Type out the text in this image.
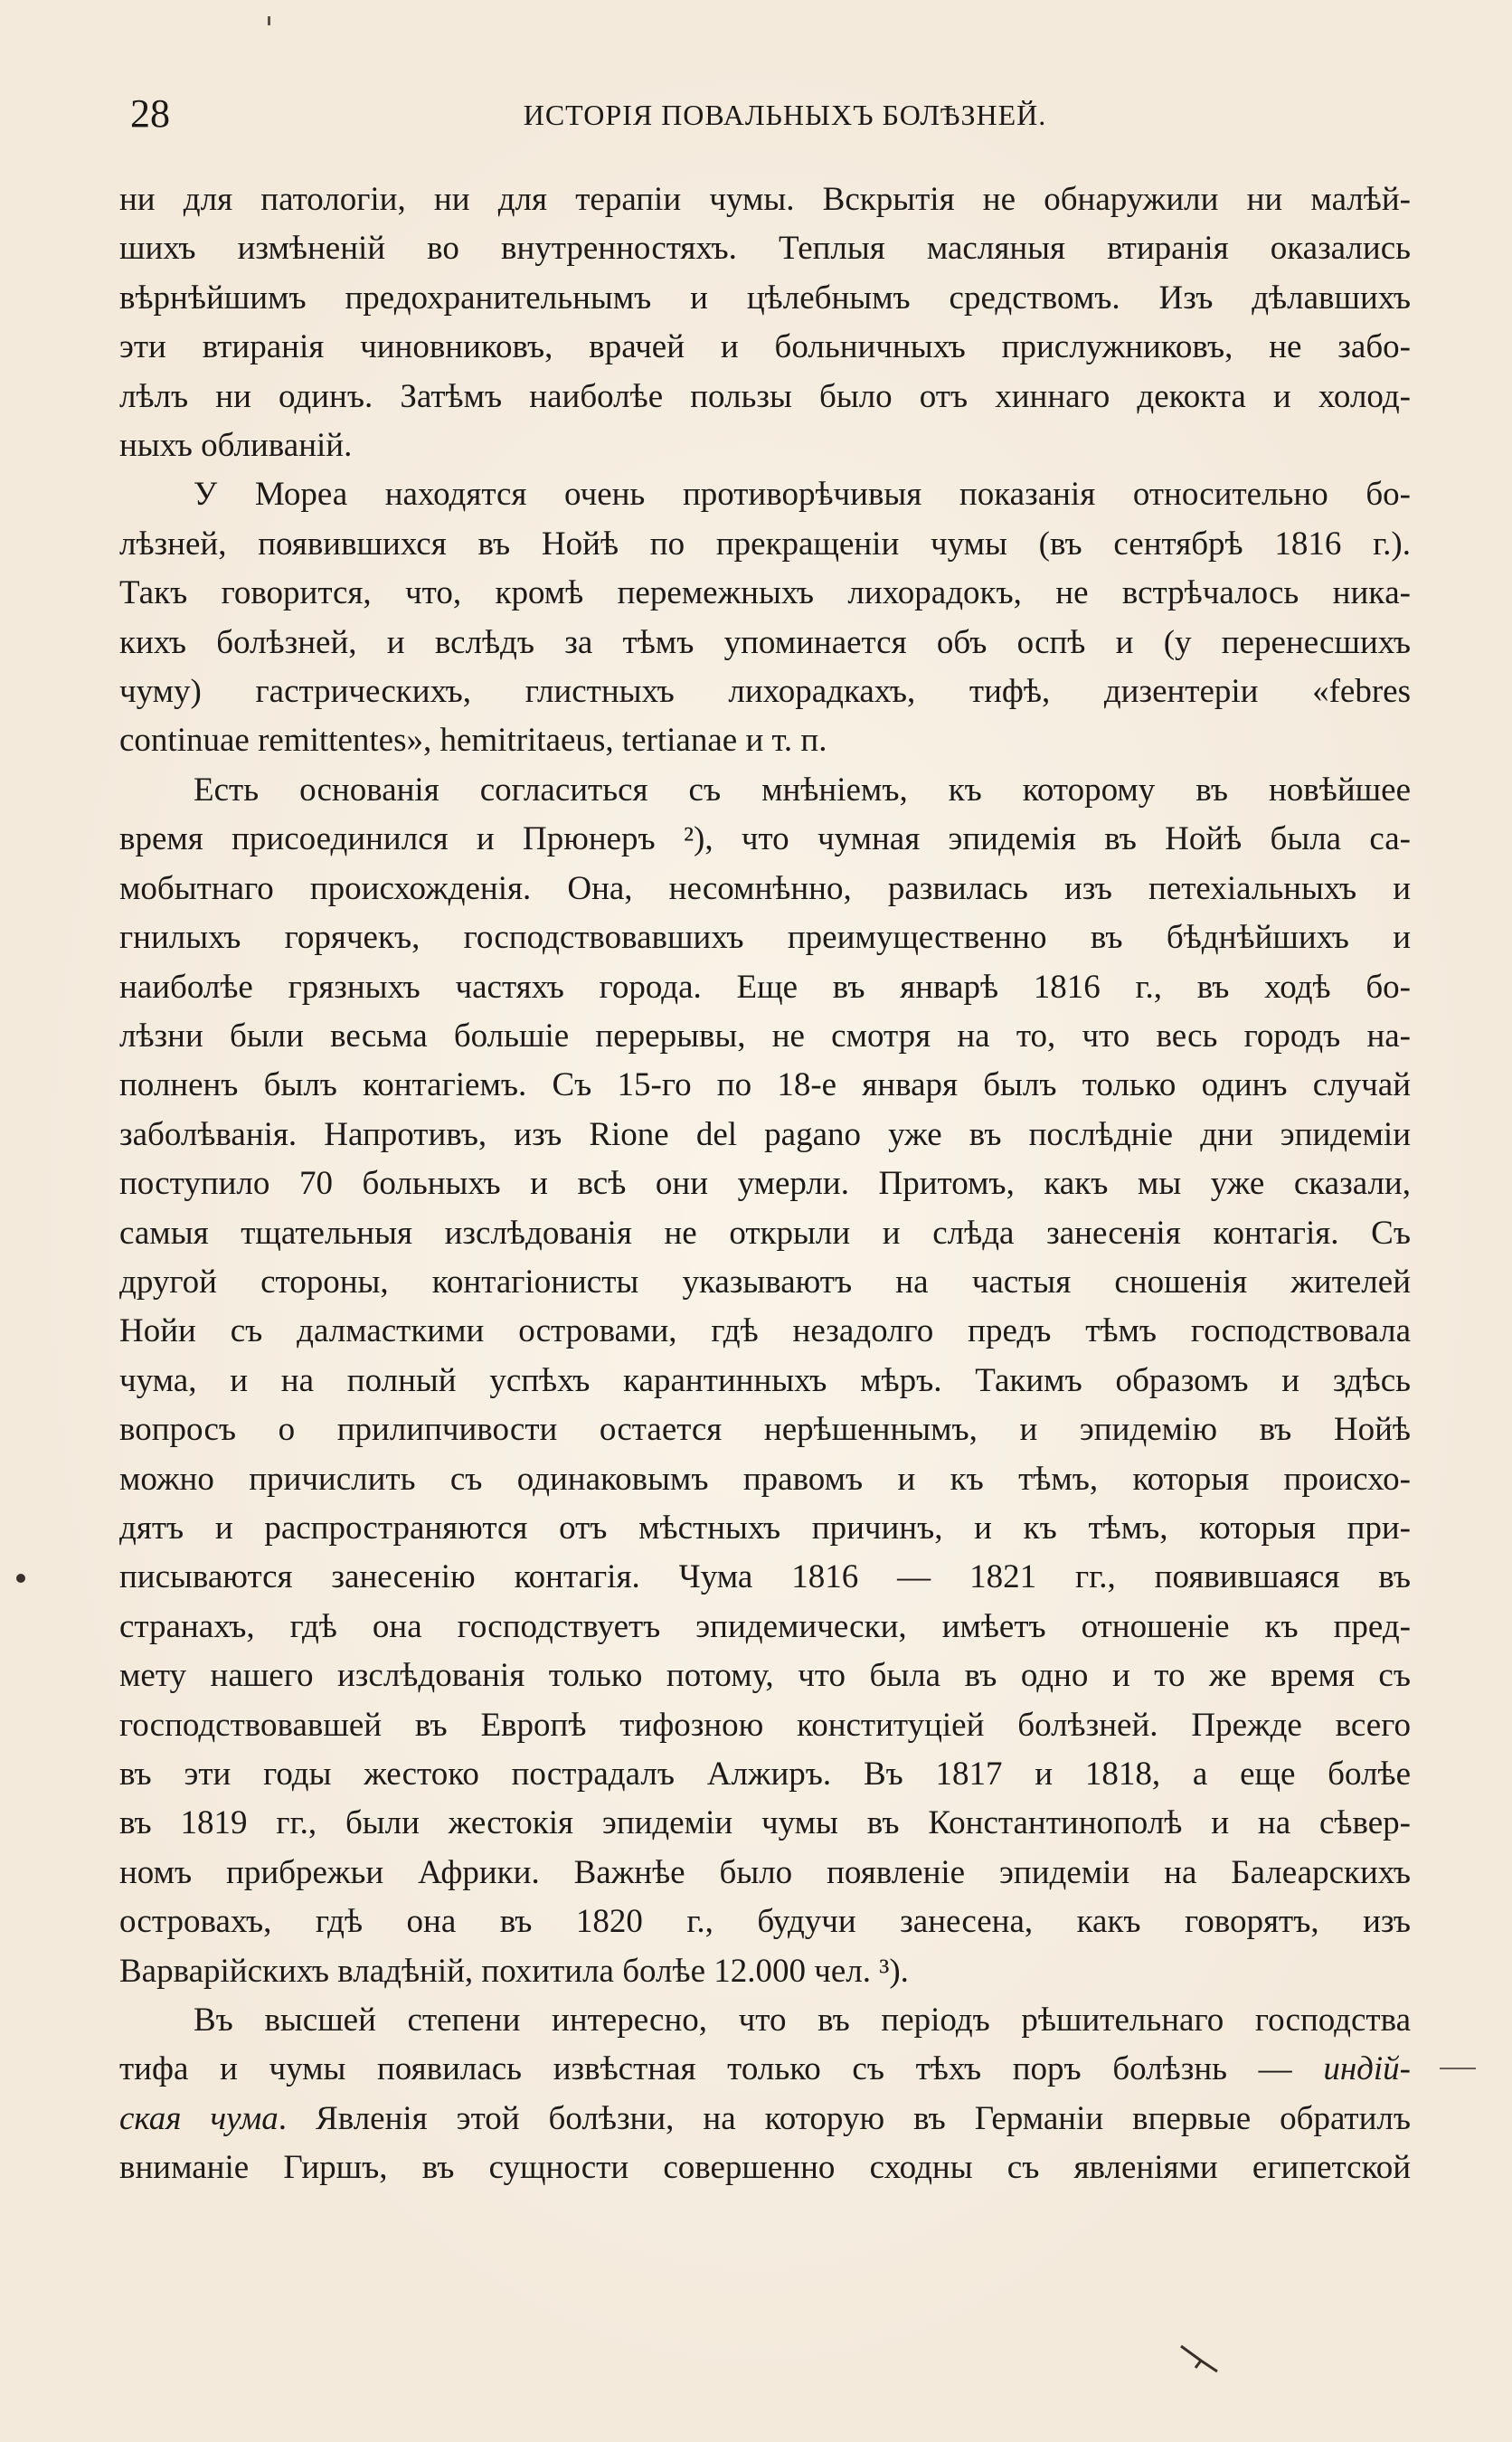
28	ИСТОРІЯ ПОВАЛЬНЫХЪ БОЛѢЗНЕЙ.

ни для патологіи, ни для терапіи чумы. Вскрытія не обнаружили ни малѣй-
шихъ измѣненій во внутренностяхъ. Теплыя масляныя втиранія оказались
вѣрнѣйшимъ предохранительнымъ и цѣлебнымъ средствомъ. Изъ дѣлавшихъ
эти втиранія чиновниковъ, врачей и больничныхъ прислужниковъ, не забо-
лѣлъ ни одинъ. Затѣмъ наиболѣе пользы было отъ хиннаго декокта и холод-
ныхъ обливаній.

У Мореа находятся очень противорѣчивыя показанія относительно бо-
лѣзней, появившихся въ Нойѣ по прекращеніи чумы (въ сентябрѣ 1816 г.).
Такъ говорится, что, кромѣ перемежныхъ лихорадокъ, не встрѣчалось никa-
кихъ болѣзней, и вслѣдъ за тѣмъ упоминается объ оспѣ и (у перенесшихъ
чуму) гастрическихъ, глистныхъ лихорадкахъ, тифѣ, дизентеріи «febres
continuae remittentes», hemitritaeus, tertianae и т. п.

Есть основанія согласиться съ мнѣніемъ, къ которому въ новѣйшее
время присоединился и Прюнеръ ²), что чумная эпидемія въ Нойѣ была са-
мобытнаго происхожденія. Она, несомнѣнно, развилась изъ петехіальныхъ и
гнилыхъ горячекъ, господствовавшихъ преимущественно въ бѣднѣйшихъ и
наиболѣе грязныхъ частяхъ города. Еще въ январѣ 1816 г., въ ходѣ бо-
лѣзни были весьма большіе перерывы, не смотря на то, что весь городъ на-
полненъ былъ контагіемъ. Съ 15-го по 18-е января былъ только одинъ случай
заболѣванія. Напротивъ, изъ Rione del pagano уже въ послѣдніе дни эпидеміи
поступило 70 больныхъ и всѣ они умерли. Притомъ, какъ мы уже сказали,
самыя тщательныя изслѣдованія не открыли и слѣда занесенія контагія. Съ
другой стороны, контагіонисты указываютъ на частыя сношенія жителей
Нойи съ далмасткими островами, гдѣ незадолго предъ тѣмъ господствовала
чума, и на полный успѣхъ карантинныхъ мѣръ. Такимъ образомъ и здѣсь
вопросъ о прилипчивости остается нерѣшеннымъ, и эпидемію въ Нойѣ
можно причислить съ одинаковымъ правомъ и къ тѣмъ, которыя происхо-
дятъ и распространяются отъ мѣстныхъ причинъ, и къ тѣмъ, которыя при-
писываются занесенію контагія. Чума 1816 — 1821 гг., появившаяся въ
странахъ, гдѣ она господствуетъ эпидемически, имѣетъ отношеніе къ пред-
мету нашего изслѣдованія только потому, что была въ одно и то же время съ
господствовавшей въ Европѣ тифозною конституціей болѣзней. Прежде всего
въ эти годы жестоко пострадалъ Алжиръ. Въ 1817 и 1818, а еще болѣе
въ 1819 гг., были жестокія эпидеміи чумы въ Константинополѣ и на сѣвер-
номъ прибрежьи Африки. Важнѣе было появленіе эпидеміи на Балеарскихъ
островахъ, гдѣ она въ 1820 г., будучи занесена, какъ говорятъ, изъ
Варварійскихъ владѣній, похитила болѣе 12.000 чел. ³).

Въ высшей степени интересно, что въ періодъ рѣшительнаго господства
тифа и чумы появилась извѣстная только съ тѣхъ поръ болѣзнь — индій-
ская чума. Явленія этой болѣзни, на которую въ Германіи впервые обратилъ
вниманіе Гиршъ, въ сущности совершенно сходны съ явленіями египетской
